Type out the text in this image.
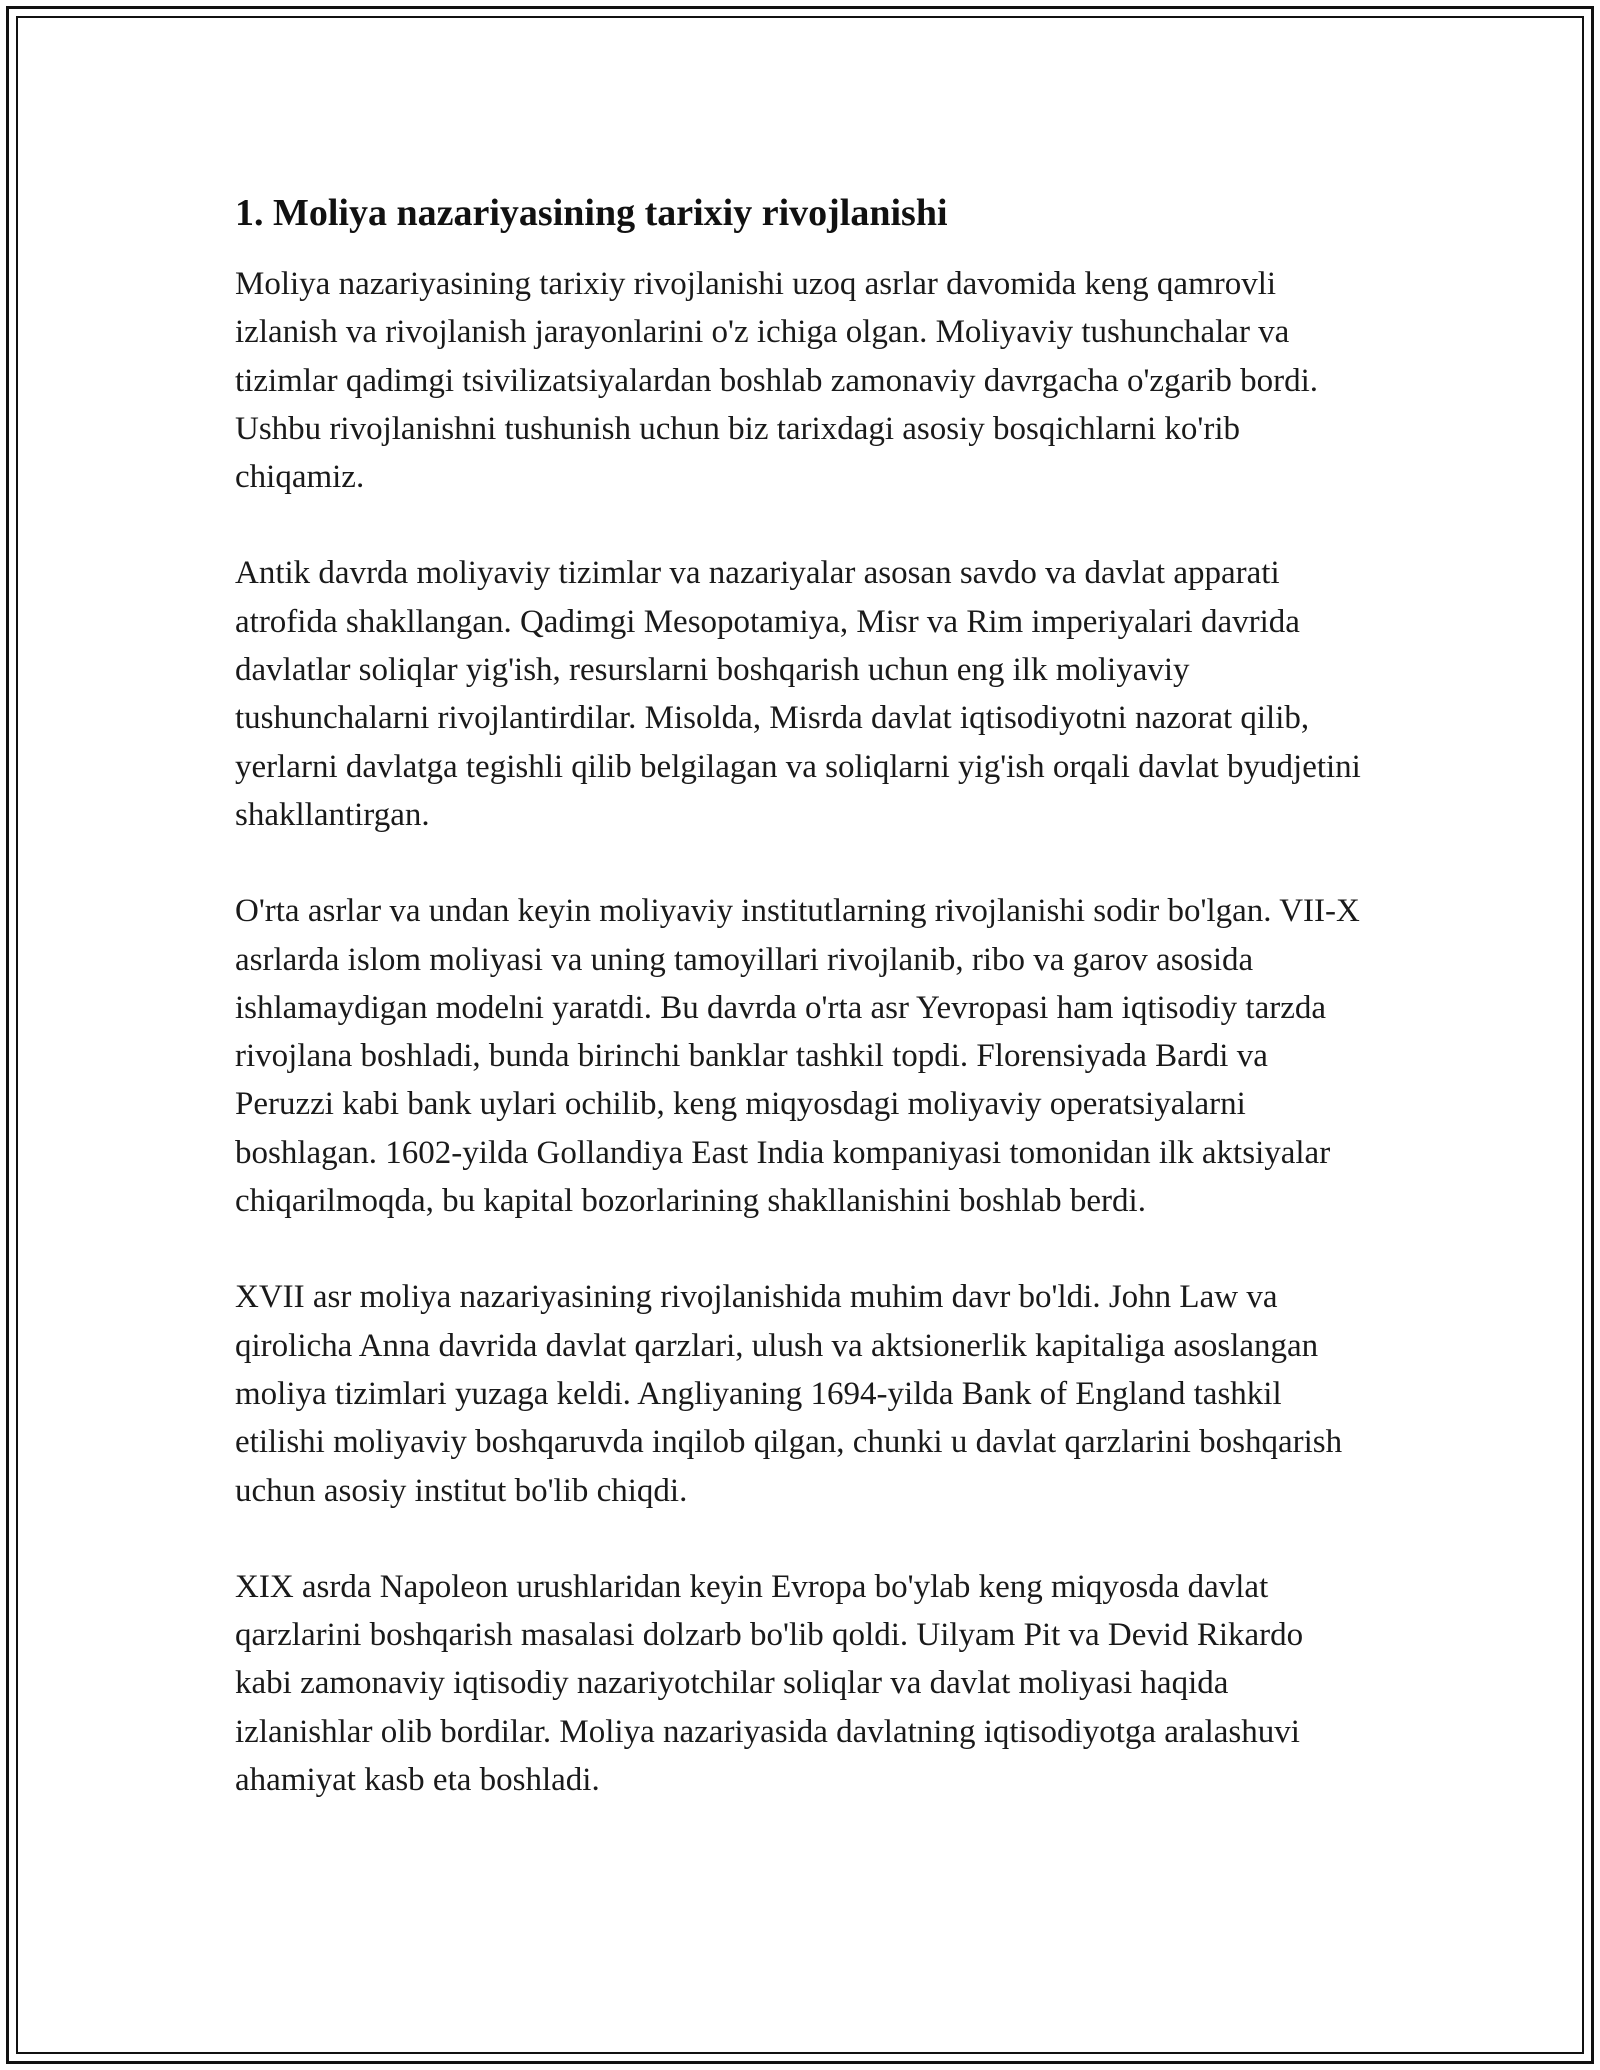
1. Moliya nazariyasining tarixiy rivojlanishi

Moliya nazariyasining tarixiy rivojlanishi uzoq asrlar davomida keng qamrovli izlanish va rivojlanish jarayonlarini o'z ichiga olgan. Moliyaviy tushunchalar va tizimlar qadimgi tsivilizatsiyalardan boshlab zamonaviy davrgacha o'zgarib bordi. Ushbu rivojlanishni tushunish uchun biz tarixdagi asosiy bosqichlarni ko'rib chiqamiz.

Antik davrda moliyaviy tizimlar va nazariyalar asosan savdo va davlat apparati atrofida shakllangan. Qadimgi Mesopotamiya, Misr va Rim imperiyalari davrida davlatlar soliqlar yig'ish, resurslarni boshqarish uchun eng ilk moliyaviy tushunchalarni rivojlantirdilar. Misolda, Misrda davlat iqtisodiyotni nazorat qilib, yerlarni davlatga tegishli qilib belgilagan va soliqlarni yig'ish orqali davlat byudjetini shakllantirgan.

O'rta asrlar va undan keyin moliyaviy institutlarning rivojlanishi sodir bo'lgan. VII-X asrlarda islom moliyasi va uning tamoyillari rivojlanib, ribo va garov asosida ishlamaydigan modelni yaratdi. Bu davrda o'rta asr Yevropasi ham iqtisodiy tarzda rivojlana boshladi, bunda birinchi banklar tashkil topdi. Florensiyada Bardi va Peruzzi kabi bank uylari ochilib, keng miqyosdagi moliyaviy operatsiyalarni boshlagan. 1602-yilda Gollandiya East India kompaniyasi tomonidan ilk aktsiyalar chiqarilmoqda, bu kapital bozorlarining shakllanishini boshlab berdi.

XVII asr moliya nazariyasining rivojlanishida muhim davr bo'ldi. John Law va qirolicha Anna davrida davlat qarzlari, ulush va aktsionerlik kapitaliga asoslangan moliya tizimlari yuzaga keldi. Angliyaning 1694-yilda Bank of England tashkil etilishi moliyaviy boshqaruvda inqilob qilgan, chunki u davlat qarzlarini boshqarish uchun asosiy institut bo'lib chiqdi.

XIX asrda Napoleon urushlaridan keyin Evropa bo'ylab keng miqyosda davlat qarzlarini boshqarish masalasi dolzarb bo'lib qoldi. Uilyam Pit va Devid Rikardo kabi zamonaviy iqtisodiy nazariyotchilar soliqlar va davlat moliyasi haqida izlanishlar olib bordilar. Moliya nazariyasida davlatning iqtisodiyotga aralashuvi ahamiyat kasb eta boshladi.
